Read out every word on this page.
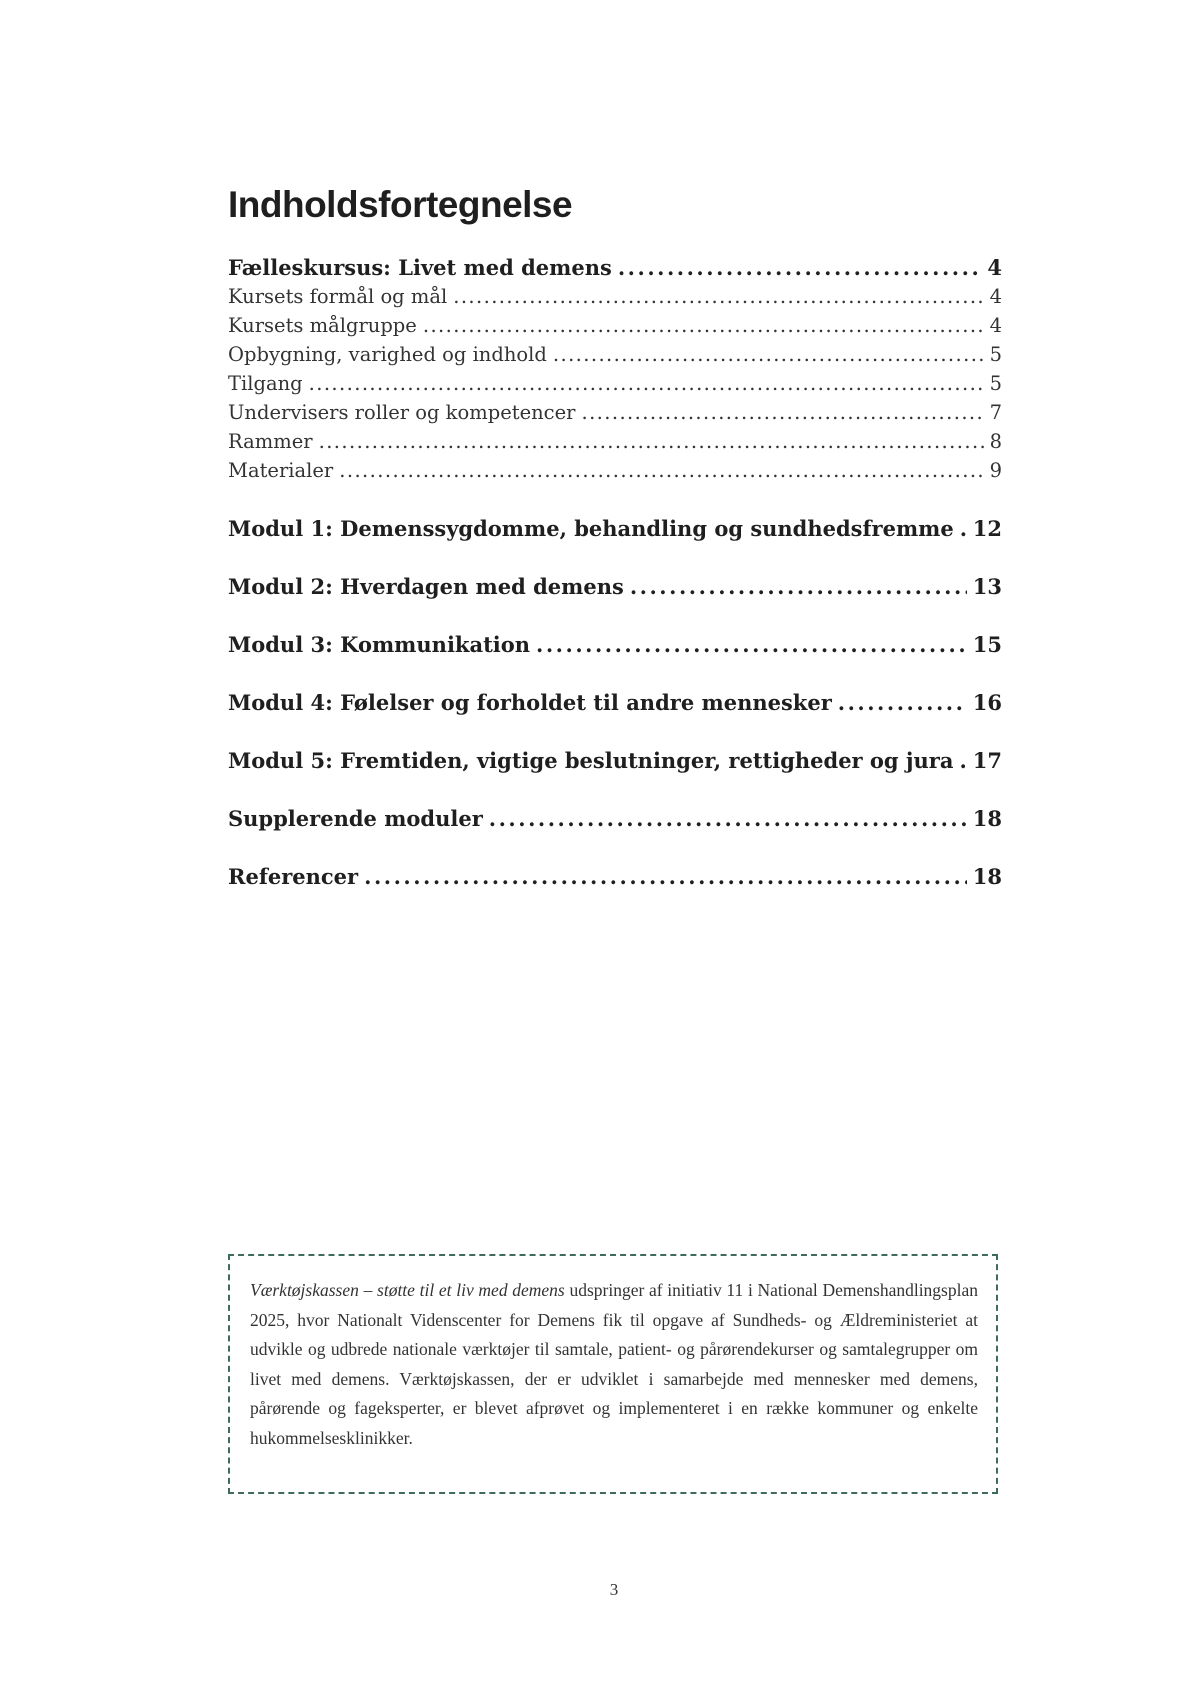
Indholdsfortegnelse
Fælleskursus: Livet med demens . . .	4
Kursets formål og mål . . .	4
Kursets målgruppe . . .	4
Opbygning, varighed og indhold . . .	5
Tilgang . . .	5
Undervisers roller og kompetencer . . .	7
Rammer . . .	8
Materialer . . .	9
Modul 1: Demenssygdomme, behandling og sundhedsfremme . . . 12
Modul 2: Hverdagen med demens . . .	13
Modul 3: Kommunikation . . .	15
Modul 4: Følelser og forholdet til andre mennesker . . .	16
Modul 5: Fremtiden, vigtige beslutninger, rettigheder og jura . . . 17
Supplerende moduler . . .	18
Referencer . . .	18
Værktøjskassen – støtte til et liv med demens udspringer af initiativ 11 i National Demenshandlingsplan 2025, hvor Nationalt Videnscenter for Demens fik til opgave af Sundheds- og Ældreministeriet at udvikle og udbrede nationale værktøjer til samtale, patient- og pårørendekurser og samtalegrupper om livet med demens. Værktøjskassen, der er udviklet i samarbejde med mennesker med demens, pårørende og fageksperter, er blevet afprøvet og implementeret i en række kommuner og enkelte hukommelsesklinikker.
3
